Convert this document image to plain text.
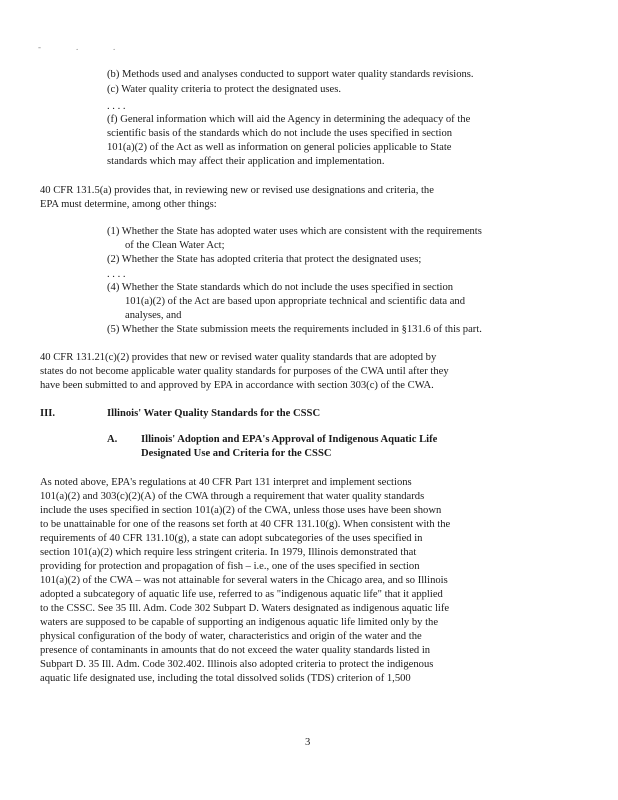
-	.	.
(b) Methods used and analyses conducted to support water quality standards revisions.
(c) Water quality criteria to protect the designated uses.
. . . .
(f) General information which will aid the Agency in determining the adequacy of the
scientific basis of the standards which do not include the uses specified in section
101(a)(2) of the Act as well as information on general policies applicable to State
standards which may affect their application and implementation.
40 CFR 131.5(a) provides that, in reviewing new or revised use designations and criteria, the
EPA must determine, among other things:
(1) Whether the State has adopted water uses which are consistent with the requirements
of the Clean Water Act;
(2) Whether the State has adopted criteria that protect the designated uses;
. . . .
(4) Whether the State standards which do not include the uses specified in section
101(a)(2) of the Act are based upon appropriate technical and scientific data and
analyses, and
(5) Whether the State submission meets the requirements included in §131.6 of this part.
40 CFR 131.21(c)(2) provides that new or revised water quality standards that are adopted by
states do not become applicable water quality standards for purposes of the CWA until after they
have been submitted to and approved by EPA in accordance with section 303(c) of the CWA.
III.	Illinois' Water Quality Standards for the CSSC
A. Illinois' Adoption and EPA's Approval of Indigenous Aquatic Life
Designated Use and Criteria for the CSSC
As noted above, EPA's regulations at 40 CFR Part 131 interpret and implement sections
101(a)(2) and 303(c)(2)(A) of the CWA through a requirement that water quality standards
include the uses specified in section 101(a)(2) of the CWA, unless those uses have been shown
to be unattainable for one of the reasons set forth at 40 CFR 131.10(g). When consistent with the
requirements of 40 CFR 131.10(g), a state can adopt subcategories of the uses specified in
section 101(a)(2) which require less stringent criteria. In 1979, Illinois demonstrated that
providing for protection and propagation of fish – i.e., one of the uses specified in section
101(a)(2) of the CWA – was not attainable for several waters in the Chicago area, and so Illinois
adopted a subcategory of aquatic life use, referred to as "indigenous aquatic life" that it applied
to the CSSC. See 35 Ill. Adm. Code 302 Subpart D. Waters designated as indigenous aquatic life
waters are supposed to be capable of supporting an indigenous aquatic life limited only by the
physical configuration of the body of water, characteristics and origin of the water and the
presence of contaminants in amounts that do not exceed the water quality standards listed in
Subpart D. 35 Ill. Adm. Code 302.402. Illinois also adopted criteria to protect the indigenous
aquatic life designated use, including the total dissolved solids (TDS) criterion of 1,500
3
